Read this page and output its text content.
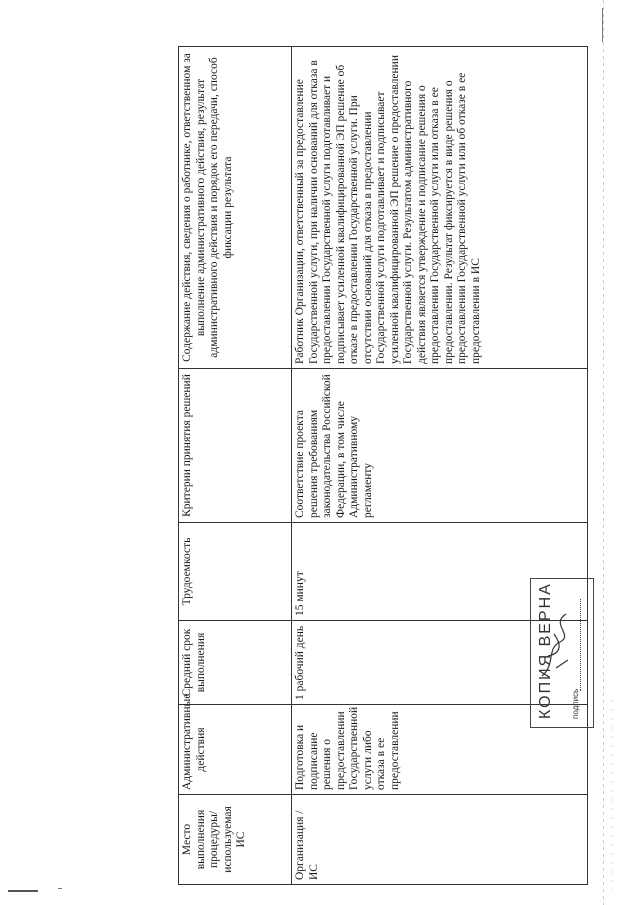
Место выполнения процедуры/используемая ИС	Административные действия	Средний срок выполнения	Трудоемкость	Критерии принятия решений	Содержание действия, сведения о работнике, ответственном за выполнение административного действия, результат административного действия и порядок его передачи, способ фиксации результата
Организация / ИС	Подготовка и подписание решения о предоставлении Государственной услуги либо отказа в ее предоставлении	1 рабочий день	15 минут	Соответствие проекта решения требованиям законодательства Российской Федерации, в том числе Административному регламенту	Работник Организации, ответственный за предоставление Государственной услуги, при наличии оснований для отказа в предоставлении Государственной услуги подготавливает и подписывает усиленной квалифицированной ЭП решение об отказе в предоставлении Государственной услуги. При отсутствии оснований для отказа в предоставлении Государственной услуги подготавливает и подписывает усиленной квалифицированной ЭП решение о предоставлении Государственной услуги. Результатом административного действия является утверждение и подписание решения о предоставлении Государственной услуги или отказа в ее предоставлении. Результат фиксируется в виде решения о предоставлении Государственной услуги или об отказе в ее предоставлении в ИС
КОПИЯ ВЕРНА подпись
